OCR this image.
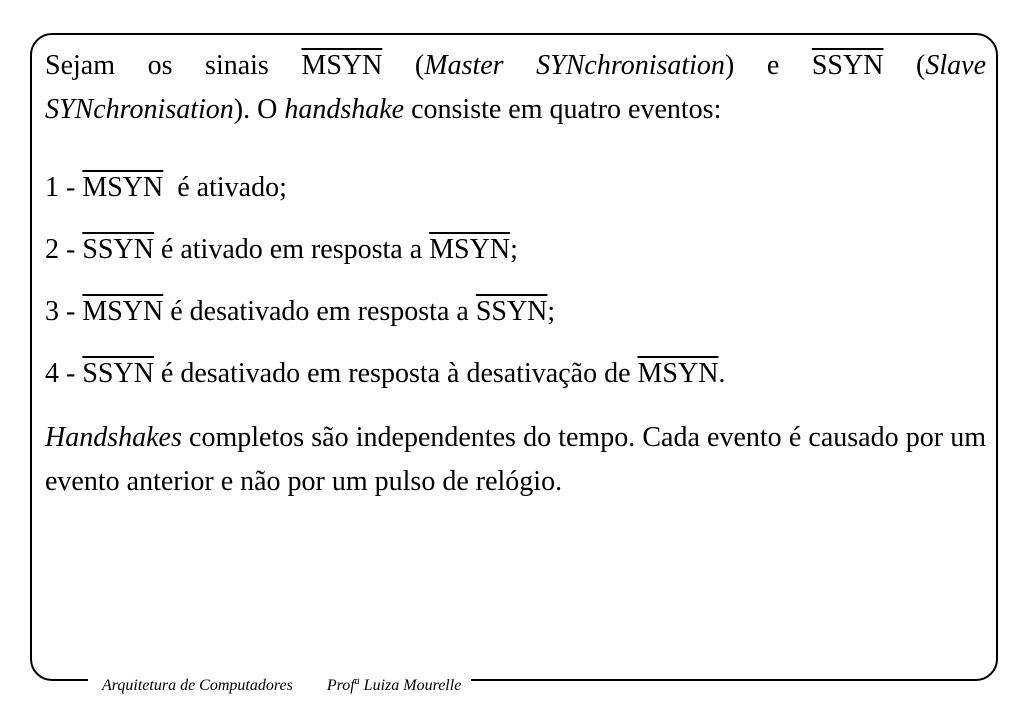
Sejam os sinais MSYN (Master SYNchronisation) e SSYN (Slave SYNchronisation). O handshake consiste em quatro eventos:

1 - MSYN  é ativado;

2 - SSYN é ativado em resposta a MSYN;

3 - MSYN é desativado em resposta a SSYN;

4 - SSYN é desativado em resposta à desativação de MSYN.

Handshakes completos são independentes do tempo. Cada evento é causado por um evento anterior e não por um pulso de relógio.

Arquitetura de Computadores Prof$^a$ Luiza Mourelle
